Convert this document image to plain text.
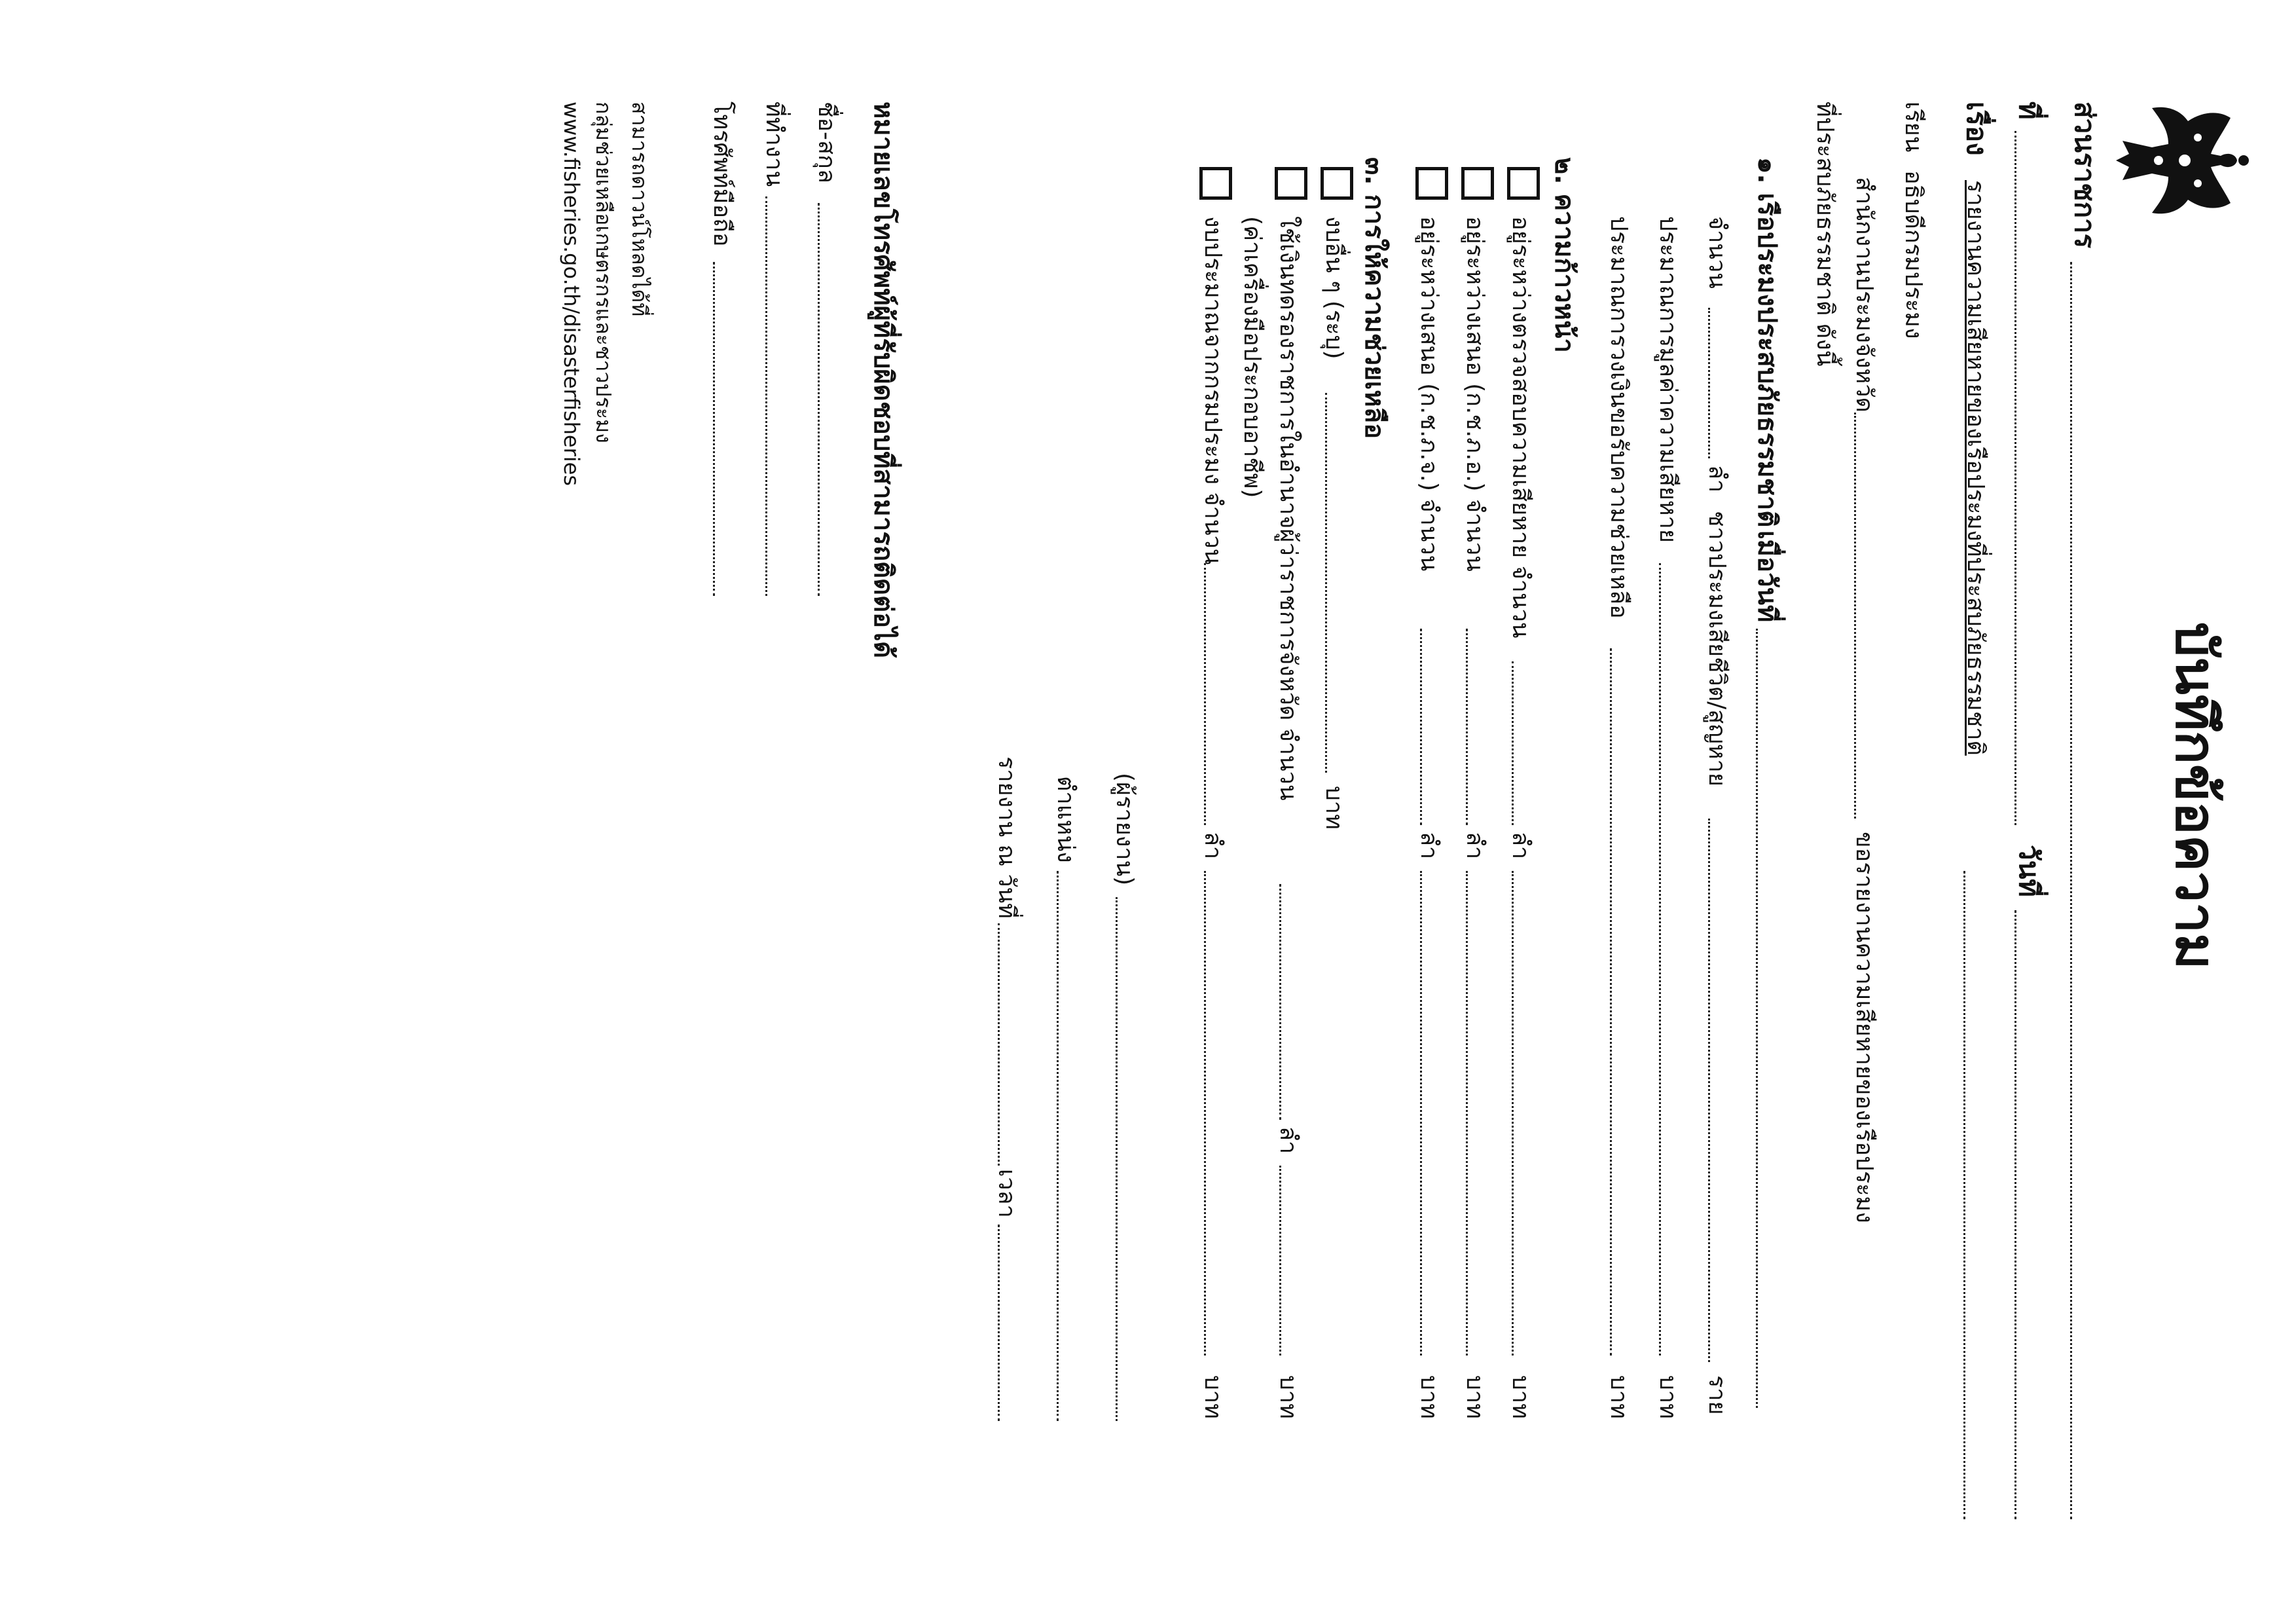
บันทึกข้อความ
ส่วนราชการ
ที่
วันที่
เรื่อง
รายงานความเสียหายของเรือประมงที่ประสบภัยธรรมชาติ
เรียน
อธิบดีกรมประมง
สำนักงานประมงจังหวัด
ขอรายงานความเสียหายของเรือประมง
ที่ประสบภัยธรรมชาติ ดังนี้
๑. เรือประมงประสบภัยธรรมชาติ
เมื่อวันที่
จำนวน
ลำ
ชาวประมงเสียชีวิต/สูญหาย
ราย
ประมาณการมูลค่าความเสียหาย
บาท
ประมาณการวงเงินขอรับความช่วยเหลือ
บาท
๒. ความก้าวหน้า
อยู่ระหว่างตรวจสอบความเสียหาย จำนวน
ลำ
บาท
อยู่ระหว่างเสนอ (ก.ช.ภ.อ.) จำนวน
ลำ
บาท
อยู่ระหว่างเสนอ (ก.ช.ภ.จ.) จำนวน
ลำ
บาท
๓. การให้ความช่วยเหลือ
งบอื่น ๆ (ระบุ)
บาท
ใช้เงินทดรองราชการในอำนาจผู้ว่าราชการจังหวัด จำนวน
ลำ
บาท
(ค่าเครื่องมือประกอบอาชีพ)
งบประมาณจากกรมประมง จำนวน
ลำ
บาท
(ผู้รายงาน)
ตำแหน่ง
รายงาน ณ วันที่
เวลา
หมายเลขโทรศัพท์ผู้ที่รับผิดชอบที่สามารถติดต่อได้
ชื่อ-สกุล
ที่ทำงาน
โทรศัพท์มือถือ
สามารถดาวน์โหลดได้ที่
กลุ่มช่วยเหลือเกษตรกรและชาวประมง
www.fisheries.go.th/disasterfisheries
